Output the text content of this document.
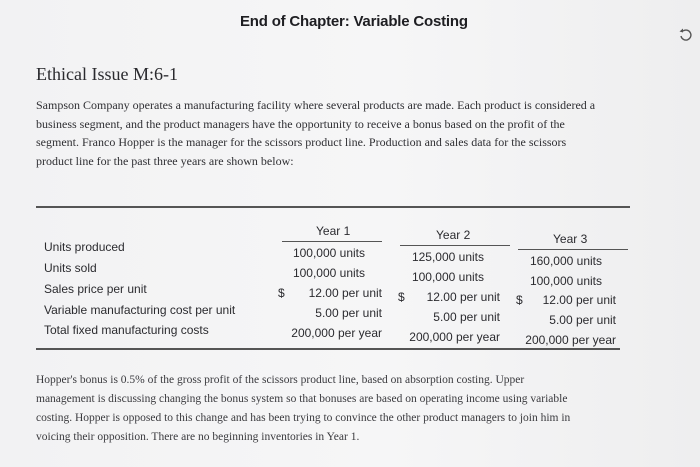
End of Chapter: Variable Costing
Ethical Issue M:6-1
Sampson Company operates a manufacturing facility where several products are made. Each product is considered a
business segment, and the product managers have the opportunity to receive a bonus based on the profit of the
segment. Franco Hopper is the manager for the scissors product line. Production and sales data for the scissors
product line for the past three years are shown below:
Year 1	Year 2	Year 3
Units produced
Units sold
Sales price per unit
Variable manufacturing cost per unit
Total fixed manufacturing costs
100,000 units
100,000 units
$ 12.00 per unit
5.00 per unit
200,000 per year
125,000 units
100,000 units
$ 12.00 per unit
5.00 per unit
200,000 per year
160,000 units
100,000 units
$ 12.00 per unit
5.00 per unit
200,000 per year
Hopper's bonus is 0.5% of the gross profit of the scissors product line, based on absorption costing. Upper
management is discussing changing the bonus system so that bonuses are based on operating income using variable
costing. Hopper is opposed to this change and has been trying to convince the other product managers to join him in
voicing their opposition. There are no beginning inventories in Year 1.
